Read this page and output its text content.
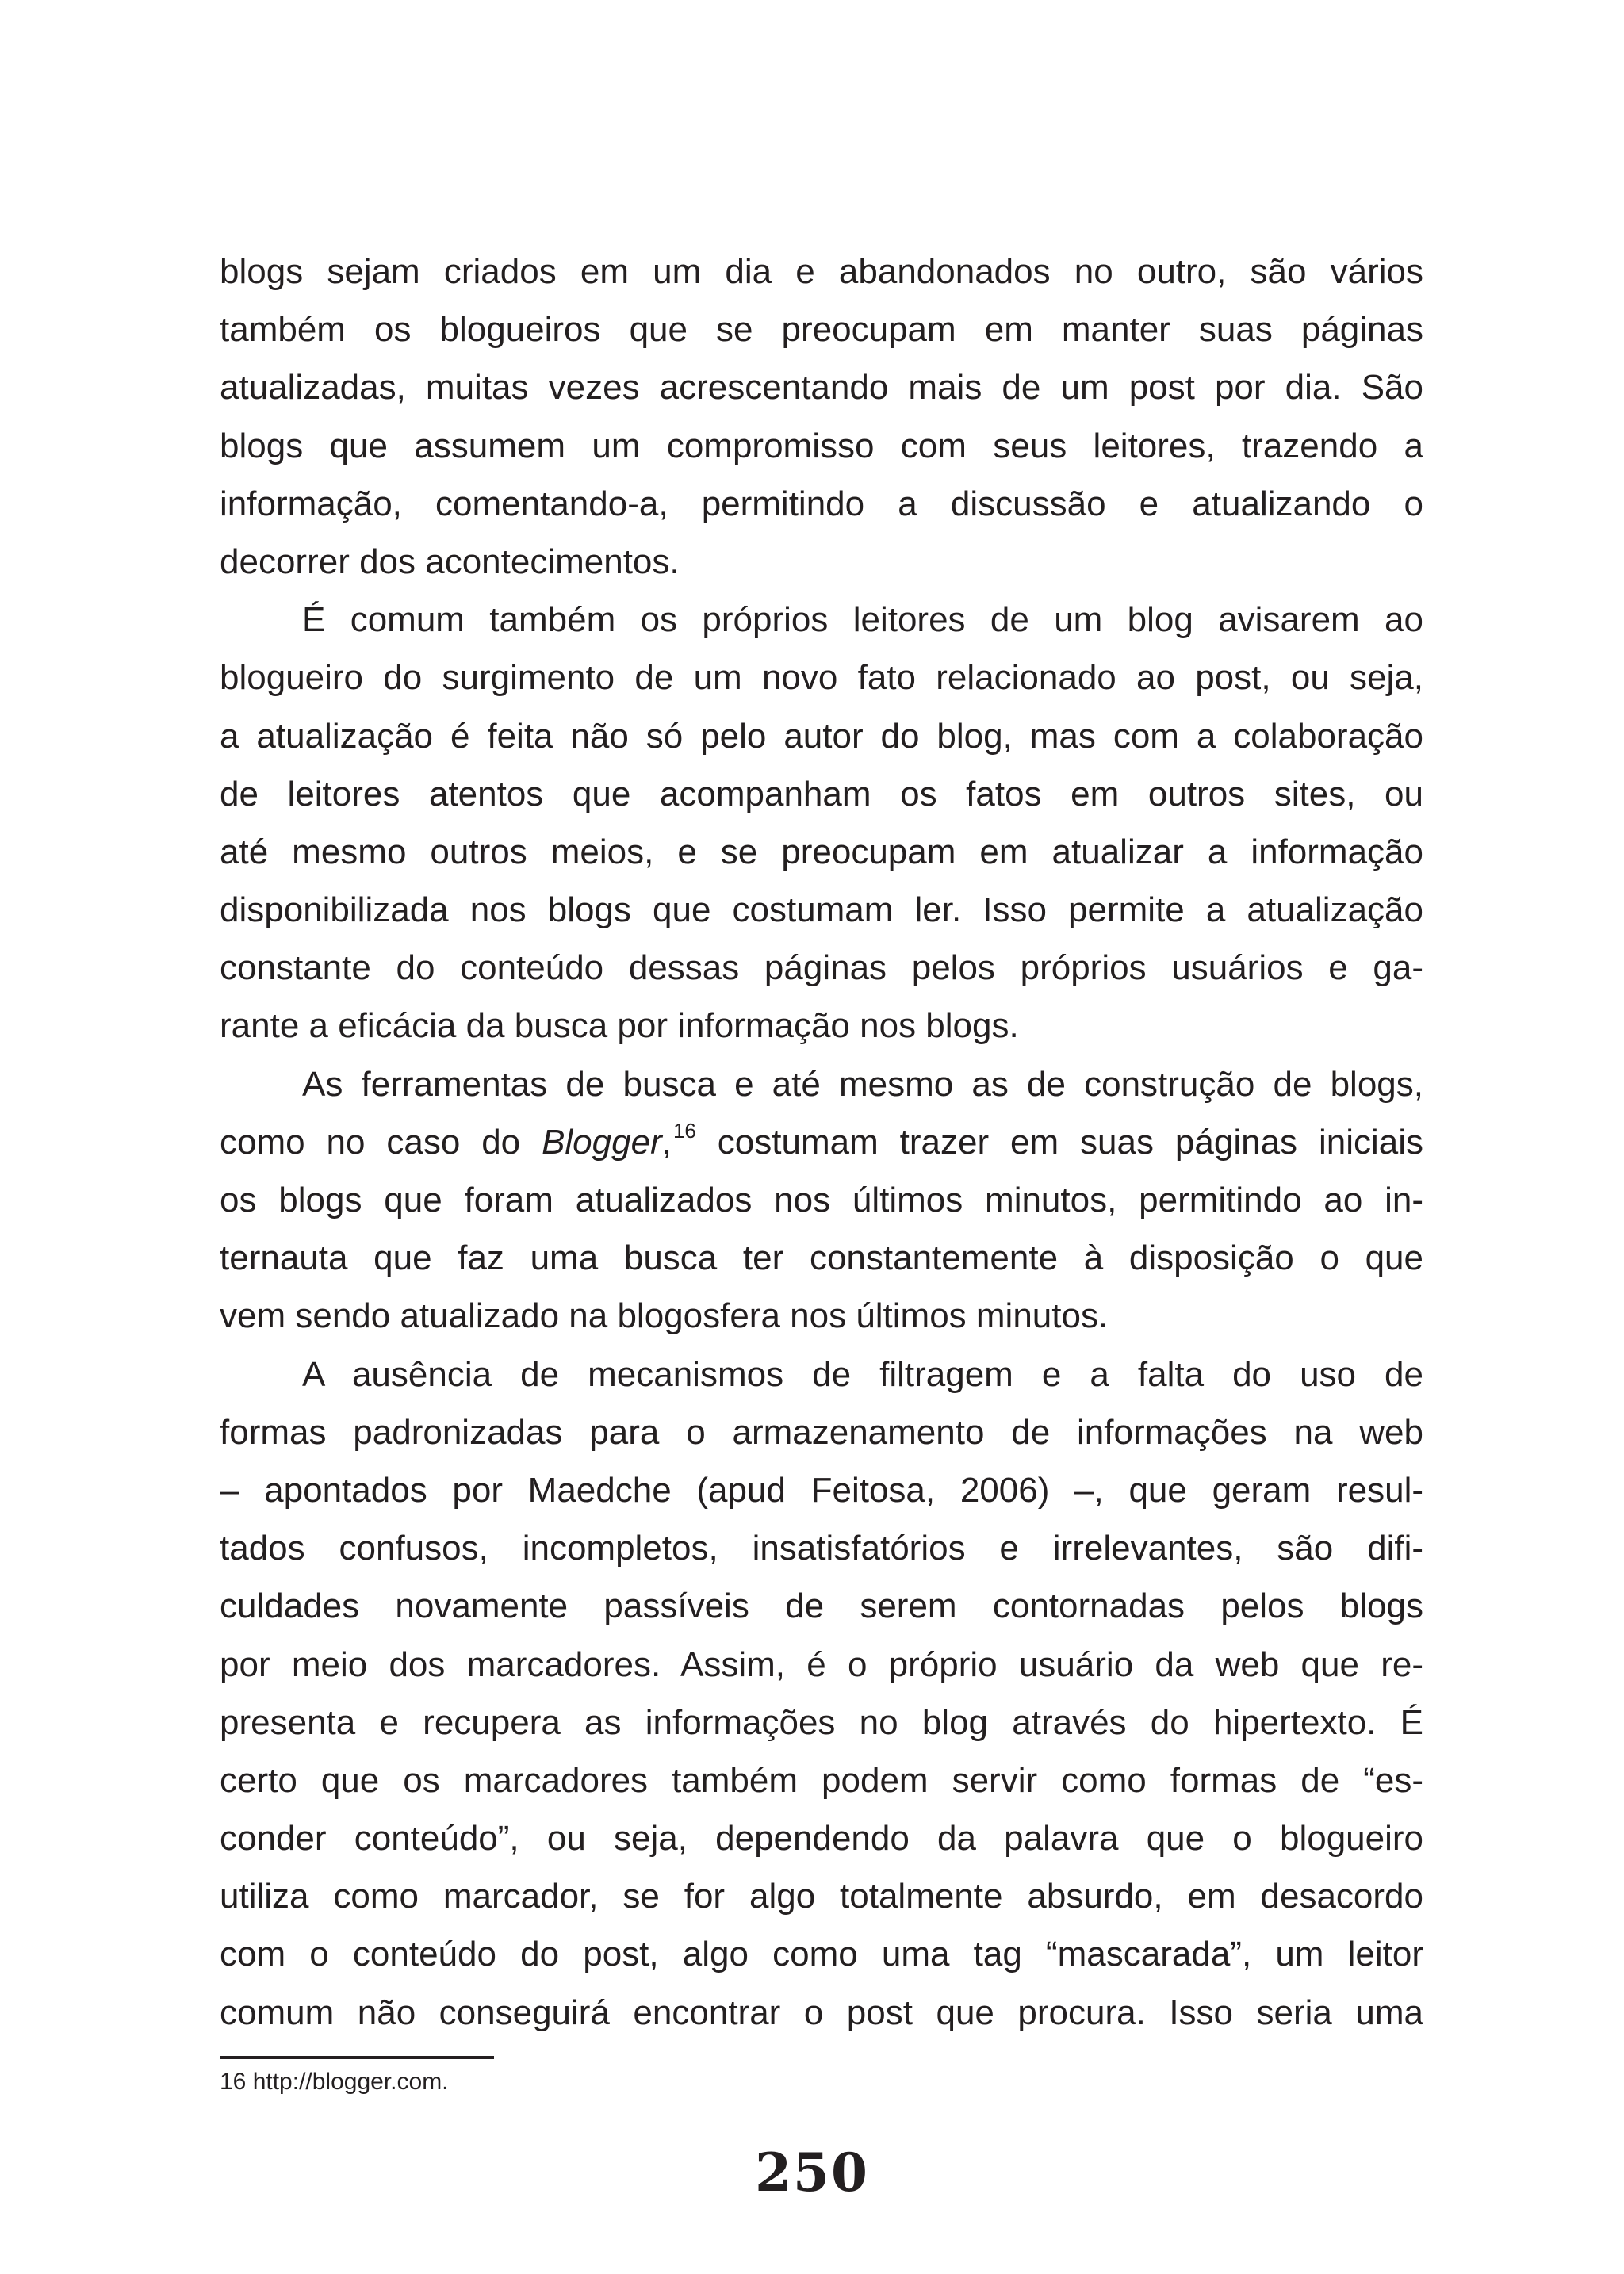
blogs sejam criados em um dia e abandonados no outro, são vários
também os blogueiros que se preocupam em manter suas páginas
atualizadas, muitas vezes acrescentando mais de um post por dia. São
blogs que assumem um compromisso com seus leitores, trazendo a
informação, comentando-a, permitindo a discussão e atualizando o
decorrer dos acontecimentos.

É comum também os próprios leitores de um blog avisarem ao
blogueiro do surgimento de um novo fato relacionado ao post, ou seja,
a atualização é feita não só pelo autor do blog, mas com a colaboração
de leitores atentos que acompanham os fatos em outros sites, ou
até mesmo outros meios, e se preocupam em atualizar a informação
disponibilizada nos blogs que costumam ler. Isso permite a atualização
constante do conteúdo dessas páginas pelos próprios usuários e ga-
rante a eficácia da busca por informação nos blogs.

As ferramentas de busca e até mesmo as de construção de blogs,
como no caso do Blogger,$^{16}$ costumam trazer em suas páginas iniciais
os blogs que foram atualizados nos últimos minutos, permitindo ao in-
ternauta que faz uma busca ter constantemente à disposição o que
vem sendo atualizado na blogosfera nos últimos minutos.

A ausência de mecanismos de filtragem e a falta do uso de
formas padronizadas para o armazenamento de informações na web
– apontados por Maedche (apud Feitosa, 2006) –, que geram resul-
tados confusos, incompletos, insatisfatórios e irrelevantes, são difi-
culdades novamente passíveis de serem contornadas pelos blogs
por meio dos marcadores. Assim, é o próprio usuário da web que re-
presenta e recupera as informações no blog através do hipertexto. É
certo que os marcadores também podem servir como formas de “es-
conder conteúdo”, ou seja, dependendo da palavra que o blogueiro
utiliza como marcador, se for algo totalmente absurdo, em desacordo
com o conteúdo do post, algo como uma tag “mascarada”, um leitor
comum não conseguirá encontrar o post que procura. Isso seria uma

16 http://blogger.com.

250
